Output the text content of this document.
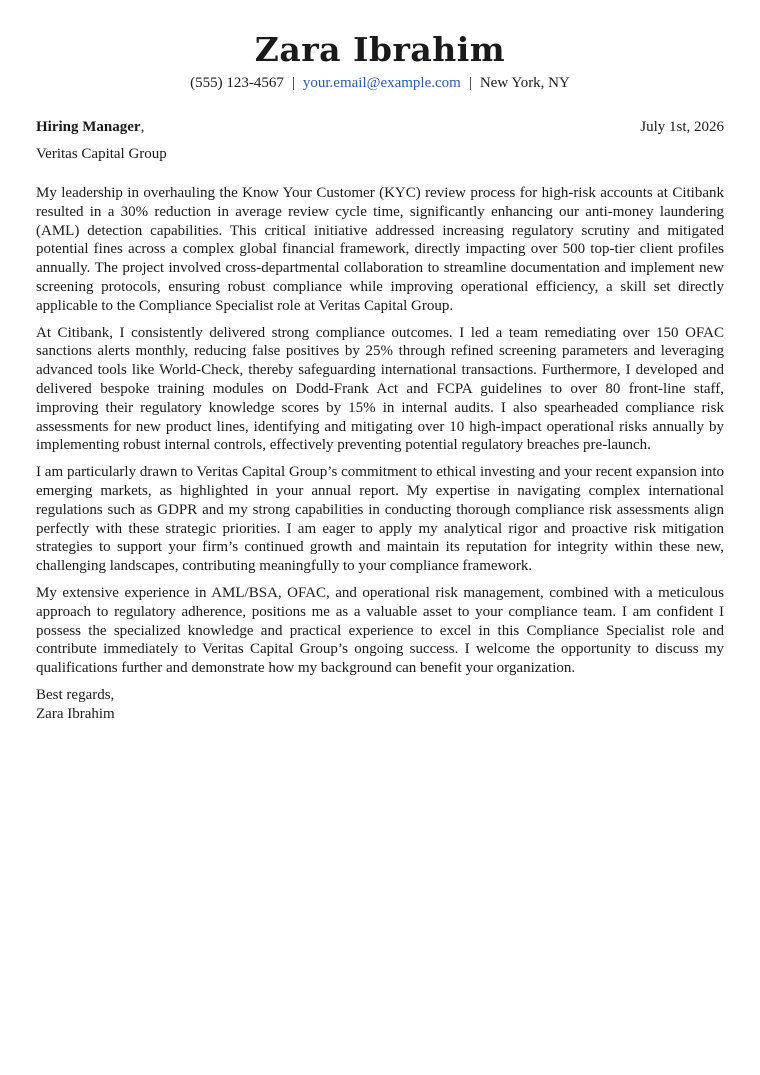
Zara Ibrahim
(555) 123-4567 | your.email@example.com | New York, NY
Hiring Manager,	July 1st, 2026
Veritas Capital Group

My leadership in overhauling the Know Your Customer (KYC) review process for high-risk accounts at Citibank resulted in a 30% reduction in average review cycle time, significantly enhancing our anti-money laundering (AML) detection capabilities. This critical initiative addressed increasing regulatory scrutiny and mitigated potential fines across a complex global financial framework, directly impacting over 500 top-tier client profiles annually. The project involved cross-departmental collaboration to streamline documentation and implement new screening protocols, ensuring robust compliance while improving operational efficiency, a skill set directly applicable to the Compliance Specialist role at Veritas Capital Group.

At Citibank, I consistently delivered strong compliance outcomes. I led a team remediating over 150 OFAC sanctions alerts monthly, reducing false positives by 25% through refined screening parameters and leveraging advanced tools like World-Check, thereby safeguarding international transactions. Furthermore, I developed and delivered bespoke training modules on Dodd-Frank Act and FCPA guidelines to over 80 front-line staff, improving their regulatory knowledge scores by 15% in internal audits. I also spearheaded compliance risk assessments for new product lines, identifying and mitigating over 10 high-impact operational risks annually by implementing robust internal controls, effectively preventing potential regulatory breaches pre-launch.

I am particularly drawn to Veritas Capital Group’s commitment to ethical investing and your recent expansion into emerging markets, as highlighted in your annual report. My expertise in navigating complex international regulations such as GDPR and my strong capabilities in conducting thorough compliance risk assessments align perfectly with these strategic priorities. I am eager to apply my analytical rigor and proactive risk mitigation strategies to support your firm’s continued growth and maintain its reputation for integrity within these new, challenging landscapes, contributing meaningfully to your compliance framework.

My extensive experience in AML/BSA, OFAC, and operational risk management, combined with a meticulous approach to regulatory adherence, positions me as a valuable asset to your compliance team. I am confident I possess the specialized knowledge and practical experience to excel in this Compliance Specialist role and contribute immediately to Veritas Capital Group’s ongoing success. I welcome the opportunity to discuss my qualifications further and demonstrate how my background can benefit your organization.

Best regards,
Zara Ibrahim
